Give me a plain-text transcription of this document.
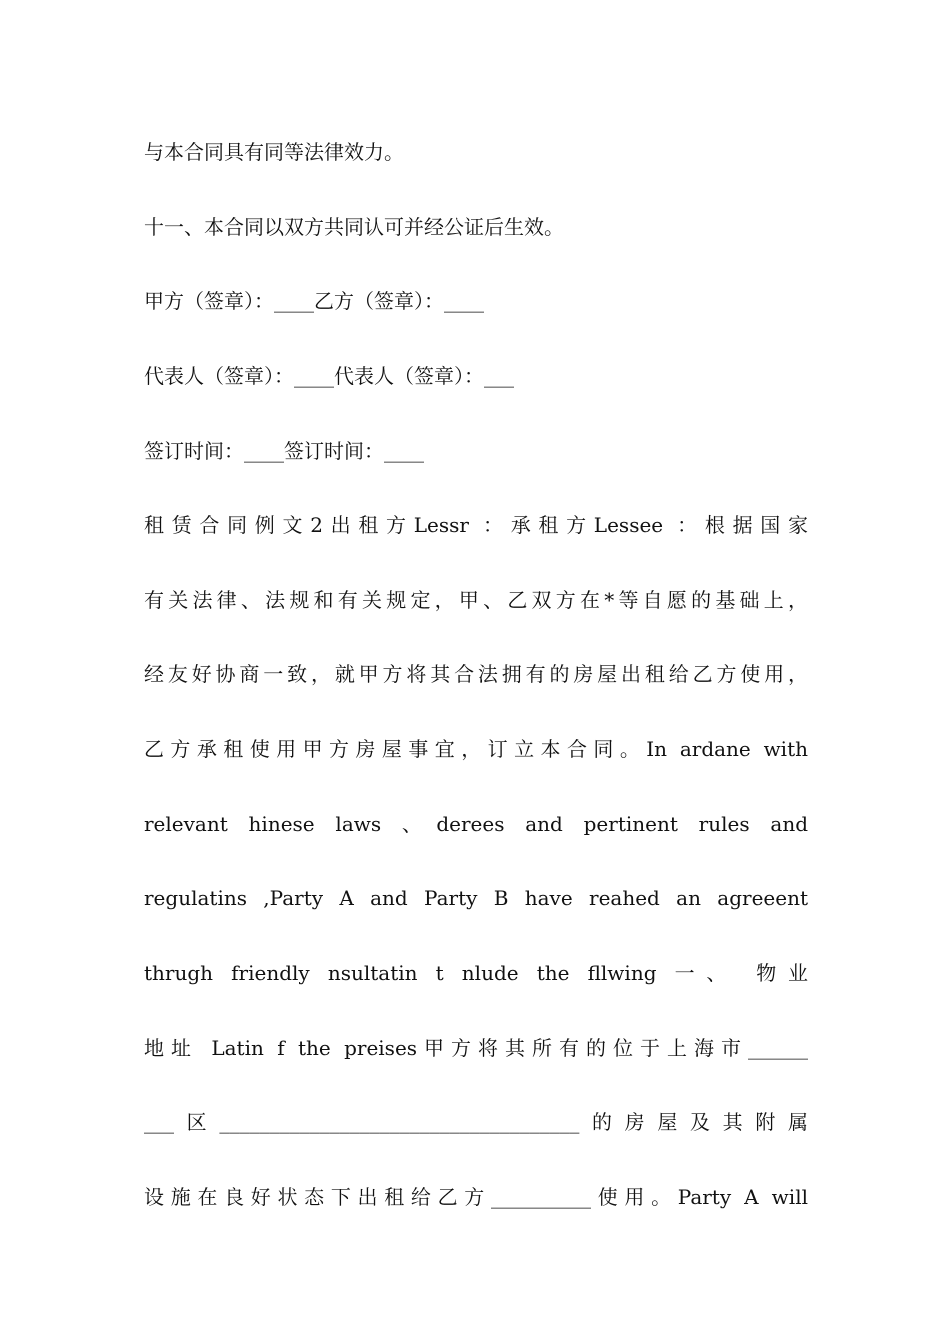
与本合同具有同等法律效力。
十一、本合同以双方共同认可并经公证后生效。
甲方（签章）：____乙方（签章）：____
代表人（签章）：____代表人（签章）：___
签订时间：____签订时间：____
租赁合同例文2出租方Lessr ：承租方Lessee ：根据国家
有关法律、法规和有关规定，甲、乙双方在*等自愿的基础上，
经友好协商一致，就甲方将其合法拥有的房屋出租给乙方使用，
乙方承租使用甲方房屋事宜，订立本合同。In ardane with
relevant hinese laws 、derees and pertinent rules and
regulatins ,Party A and Party B have reahed an agreeent
thrugh friendly nsultatin t nlude the fllwing 一、 物业
地址 Latin f the preises甲方将其所有的位于上海市______
___区____________________________________的房屋及其附属
设施在良好状态下出租给乙方__________使用。Party A will
